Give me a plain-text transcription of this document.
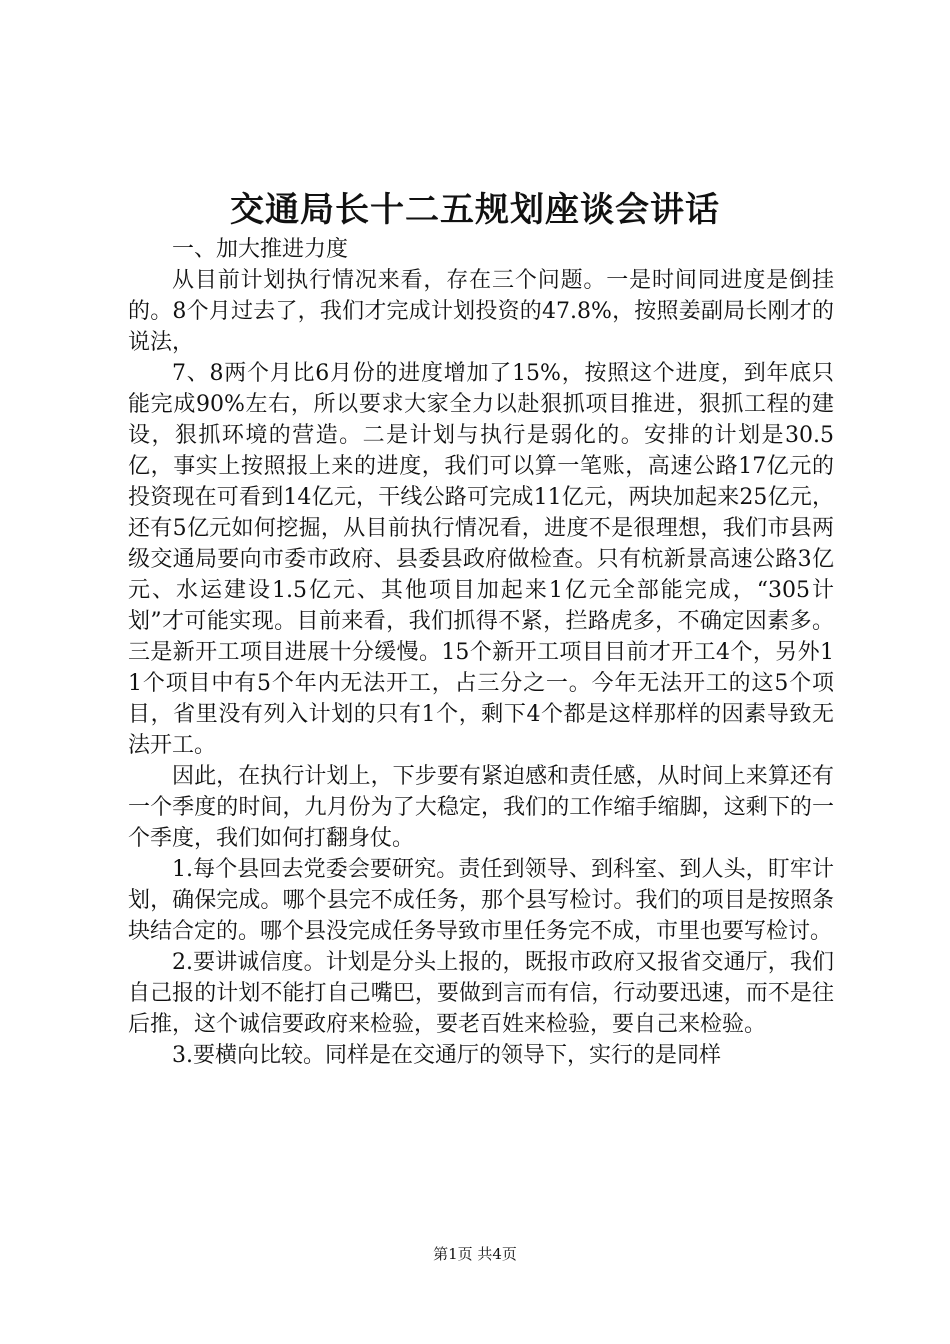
交通局长十二五规划座谈会讲话

一、加大推进力度

从目前计划执行情况来看，存在三个问题。一是时间同进度是倒挂的。8个月过去了，我们才完成计划投资的47.8%，按照姜副局长刚才的说法，

7、8两个月比6月份的进度增加了15%，按照这个进度，到年底只能完成90%左右，所以要求大家全力以赴狠抓项目推进，狠抓工程的建设，狠抓环境的营造。二是计划与执行是弱化的。安排的计划是30.5亿，事实上按照报上来的进度，我们可以算一笔账，高速公路17亿元的投资现在可看到14亿元，干线公路可完成11亿元，两块加起来25亿元，还有5亿元如何挖掘，从目前执行情况看，进度不是很理想，我们市县两级交通局要向市委市政府、县委县政府做检查。只有杭新景高速公路3亿元、水运建设1.5亿元、其他项目加起来1亿元全部能完成，“305计划”才可能实现。目前来看，我们抓得不紧，拦路虎多，不确定因素多。三是新开工项目进展十分缓慢。15个新开工项目目前才开工4个，另外11个项目中有5个年内无法开工，占三分之一。今年无法开工的这5个项目，省里没有列入计划的只有1个，剩下4个都是这样那样的因素导致无法开工。

因此，在执行计划上，下步要有紧迫感和责任感，从时间上来算还有一个季度的时间，九月份为了大稳定，我们的工作缩手缩脚，这剩下的一个季度，我们如何打翻身仗。

1.每个县回去党委会要研究。责任到领导、到科室、到人头，盯牢计划，确保完成。哪个县完不成任务，那个县写检讨。我们的项目是按照条块结合定的。哪个县没完成任务导致市里任务完不成，市里也要写检讨。

2.要讲诚信度。计划是分头上报的，既报市政府又报省交通厅，我们自己报的计划不能打自己嘴巴，要做到言而有信，行动要迅速，而不是往后推，这个诚信要政府来检验，要老百姓来检验，要自己来检验。

3.要横向比较。同样是在交通厅的领导下，实行的是同样

第1页 共4页
